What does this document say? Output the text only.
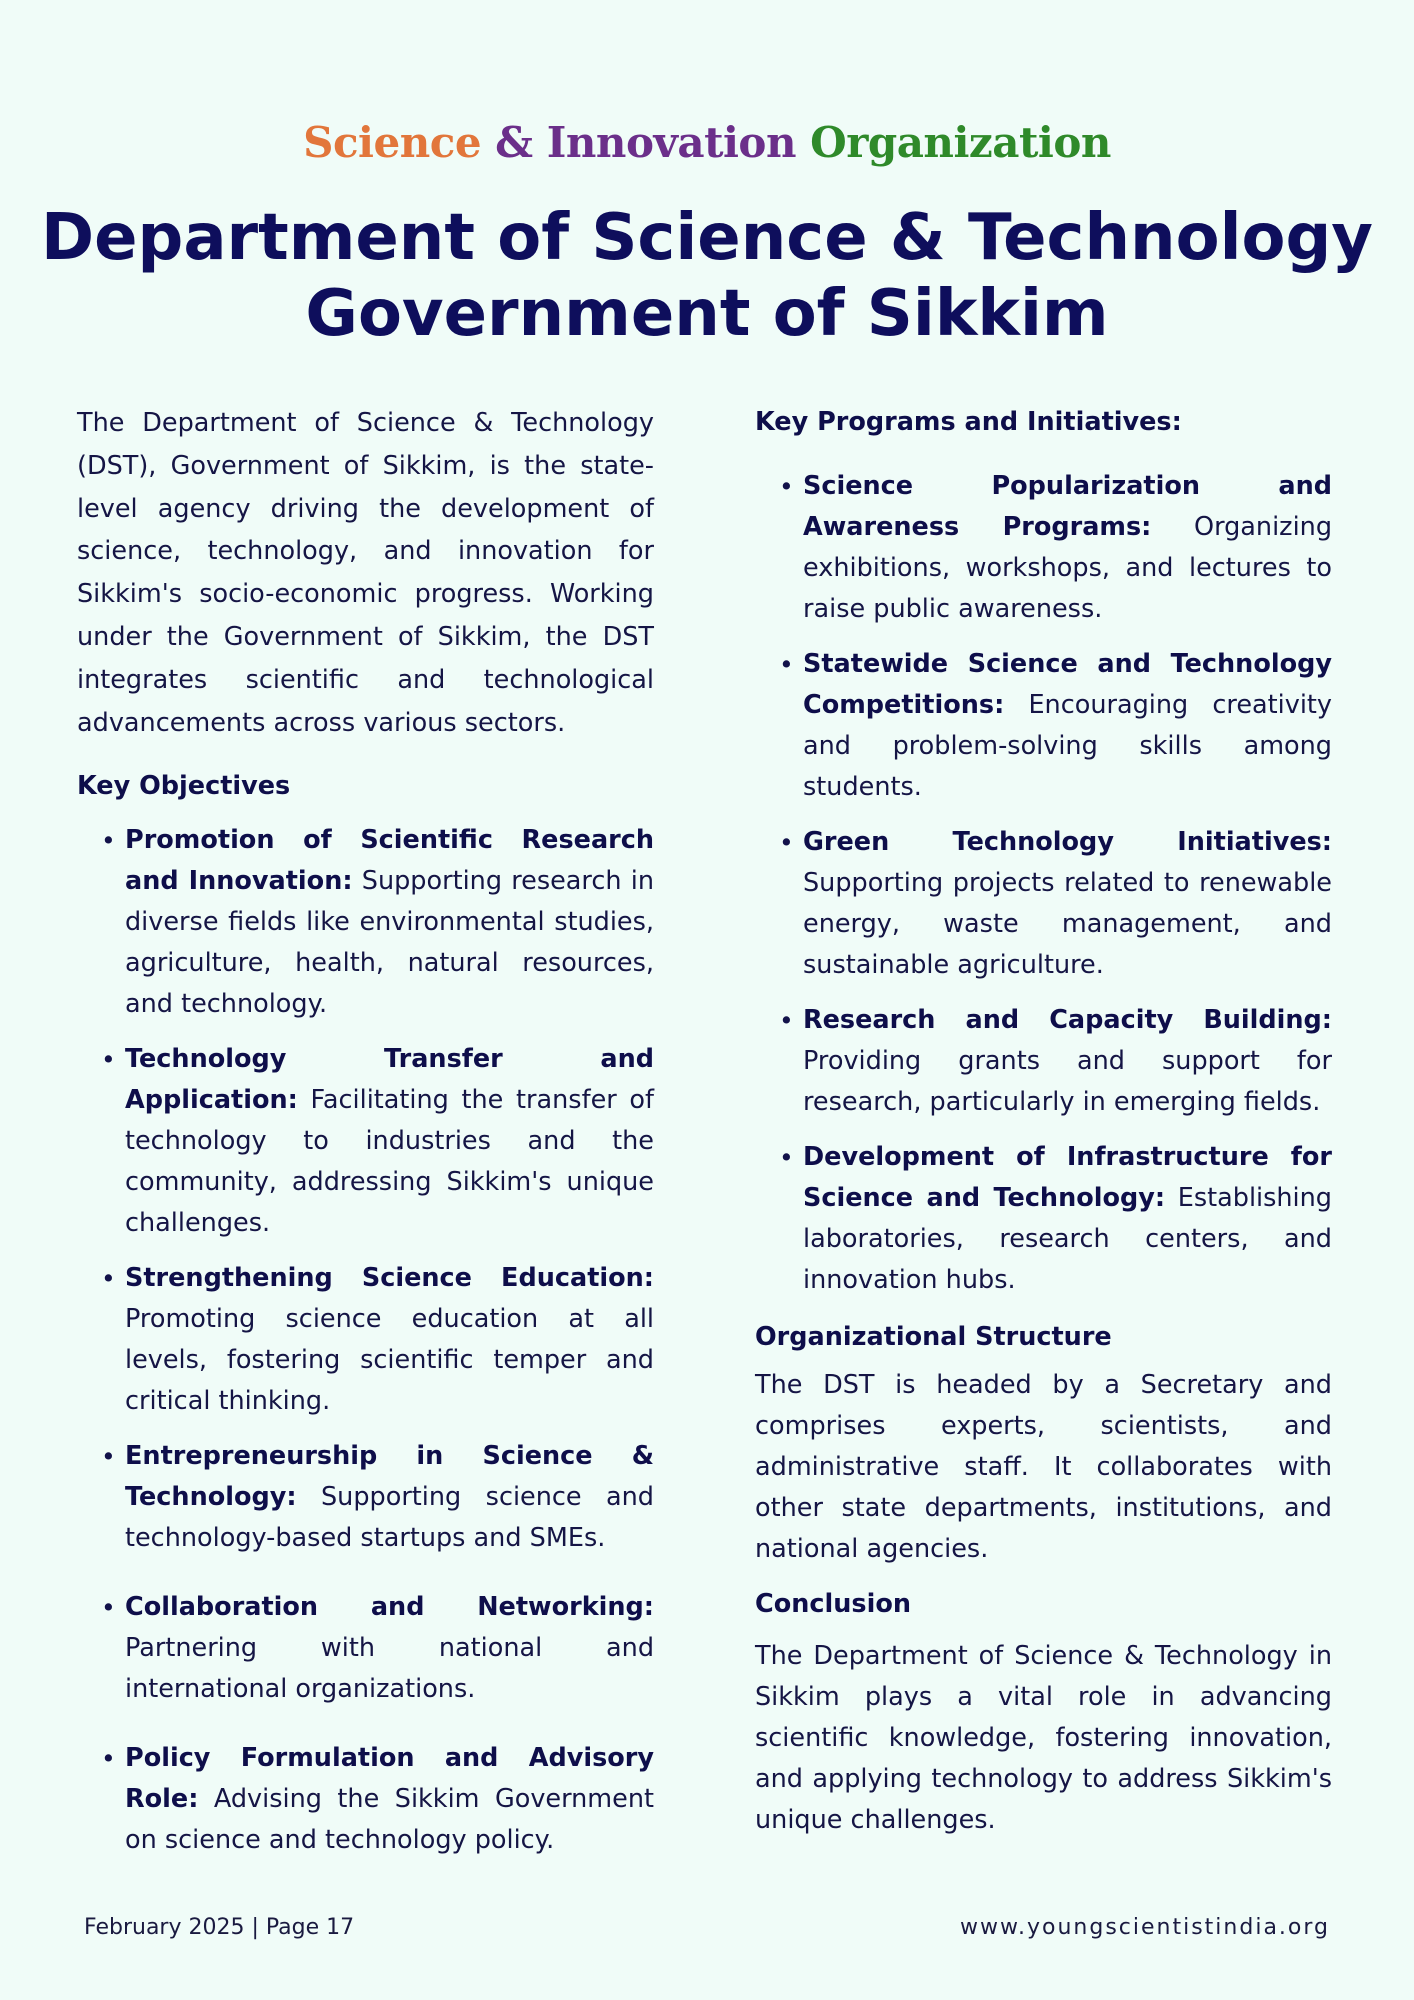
Science & Innovation Organization
Department of Science & Technology
Government of Sikkim

The Department of Science & Technology (DST), Government of Sikkim, is the state-level agency driving the development of science, technology, and innovation for Sikkim's socio-economic progress. Working under the Government of Sikkim, the DST integrates scientific and technological advancements across various sectors.

Key Objectives
• Promotion of Scientific Research and Innovation: Supporting research in diverse fields like environmental studies, agriculture, health, natural resources, and technology.
• Technology Transfer and Application: Facilitating the transfer of technology to industries and the community, addressing Sikkim's unique challenges.
• Strengthening Science Education: Promoting science education at all levels, fostering scientific temper and critical thinking.
• Entrepreneurship in Science & Technology: Supporting science and technology-based startups and SMEs.
• Collaboration and Networking: Partnering with national and international organizations.
• Policy Formulation and Advisory Role: Advising the Sikkim Government on science and technology policy.
Key Programs and Initiatives:
• Science Popularization and Awareness Programs: Organizing exhibitions, workshops, and lectures to raise public awareness.
• Statewide Science and Technology Competitions: Encouraging creativity and problem-solving skills among students.
• Green Technology Initiatives: Supporting projects related to renewable energy, waste management, and sustainable agriculture.
• Research and Capacity Building: Providing grants and support for research, particularly in emerging fields.
• Development of Infrastructure for Science and Technology: Establishing laboratories, research centers, and innovation hubs.
Organizational Structure

The DST is headed by a Secretary and comprises experts, scientists, and administrative staff. It collaborates with other state departments, institutions, and national agencies.

Conclusion

The Department of Science & Technology in Sikkim plays a vital role in advancing scientific knowledge, fostering innovation, and applying technology to address Sikkim's unique challenges.

February 2025 | Page 17	www.youngscientistindia.org
